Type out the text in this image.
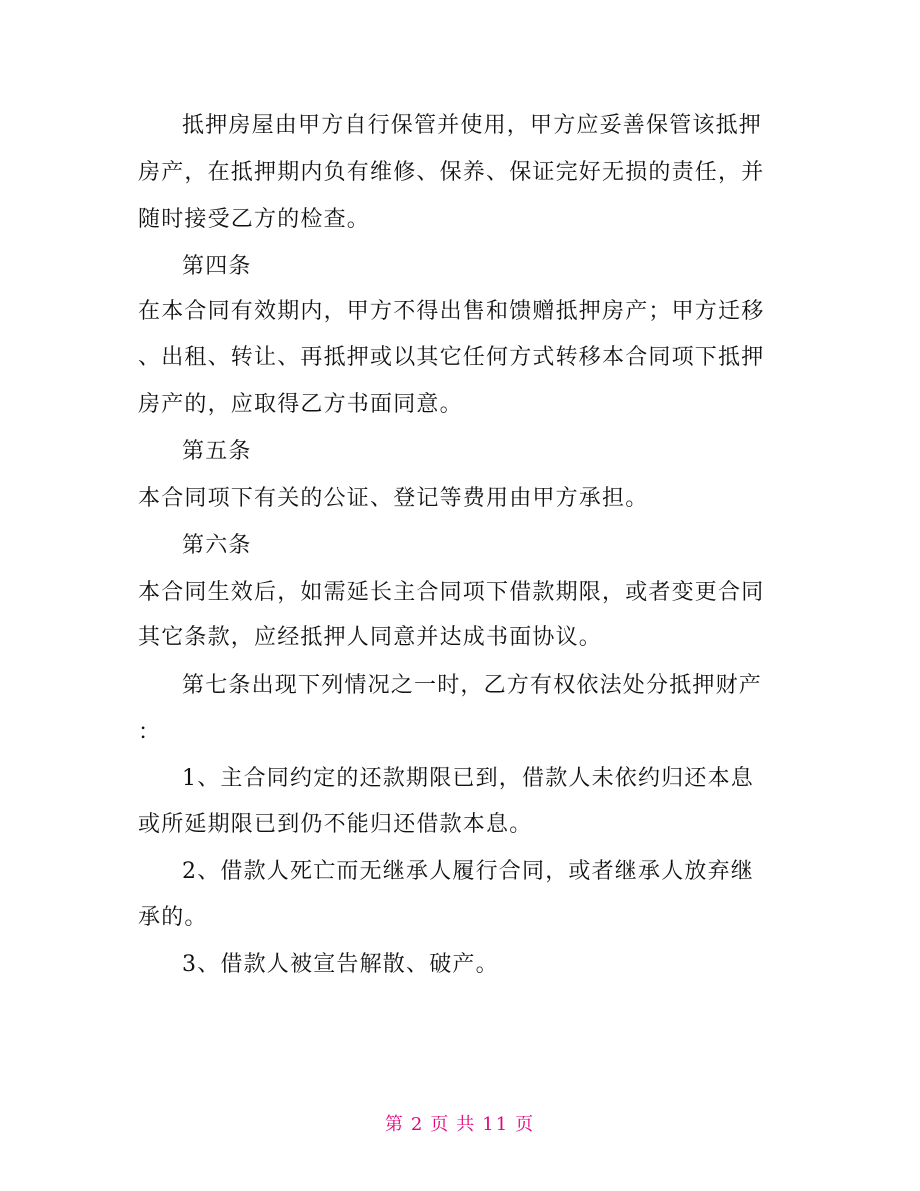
抵押房屋由甲方自行保管并使用，甲方应妥善保管该抵押
房产，在抵押期内负有维修、保养、保证完好无损的责任，并
随时接受乙方的检查。
第四条
在本合同有效期内，甲方不得出售和馈赠抵押房产；甲方迁移
、出租、转让、再抵押或以其它任何方式转移本合同项下抵押
房产的，应取得乙方书面同意。
第五条
本合同项下有关的公证、登记等费用由甲方承担。
第六条
本合同生效后，如需延长主合同项下借款期限，或者变更合同
其它条款，应经抵押人同意并达成书面协议。
第七条出现下列情况之一时，乙方有权依法处分抵押财产
：
1、主合同约定的还款期限已到，借款人未依约归还本息
或所延期限已到仍不能归还借款本息。
2、借款人死亡而无继承人履行合同，或者继承人放弃继
承的。
3、借款人被宣告解散、破产。
第 2 页 共 11 页
